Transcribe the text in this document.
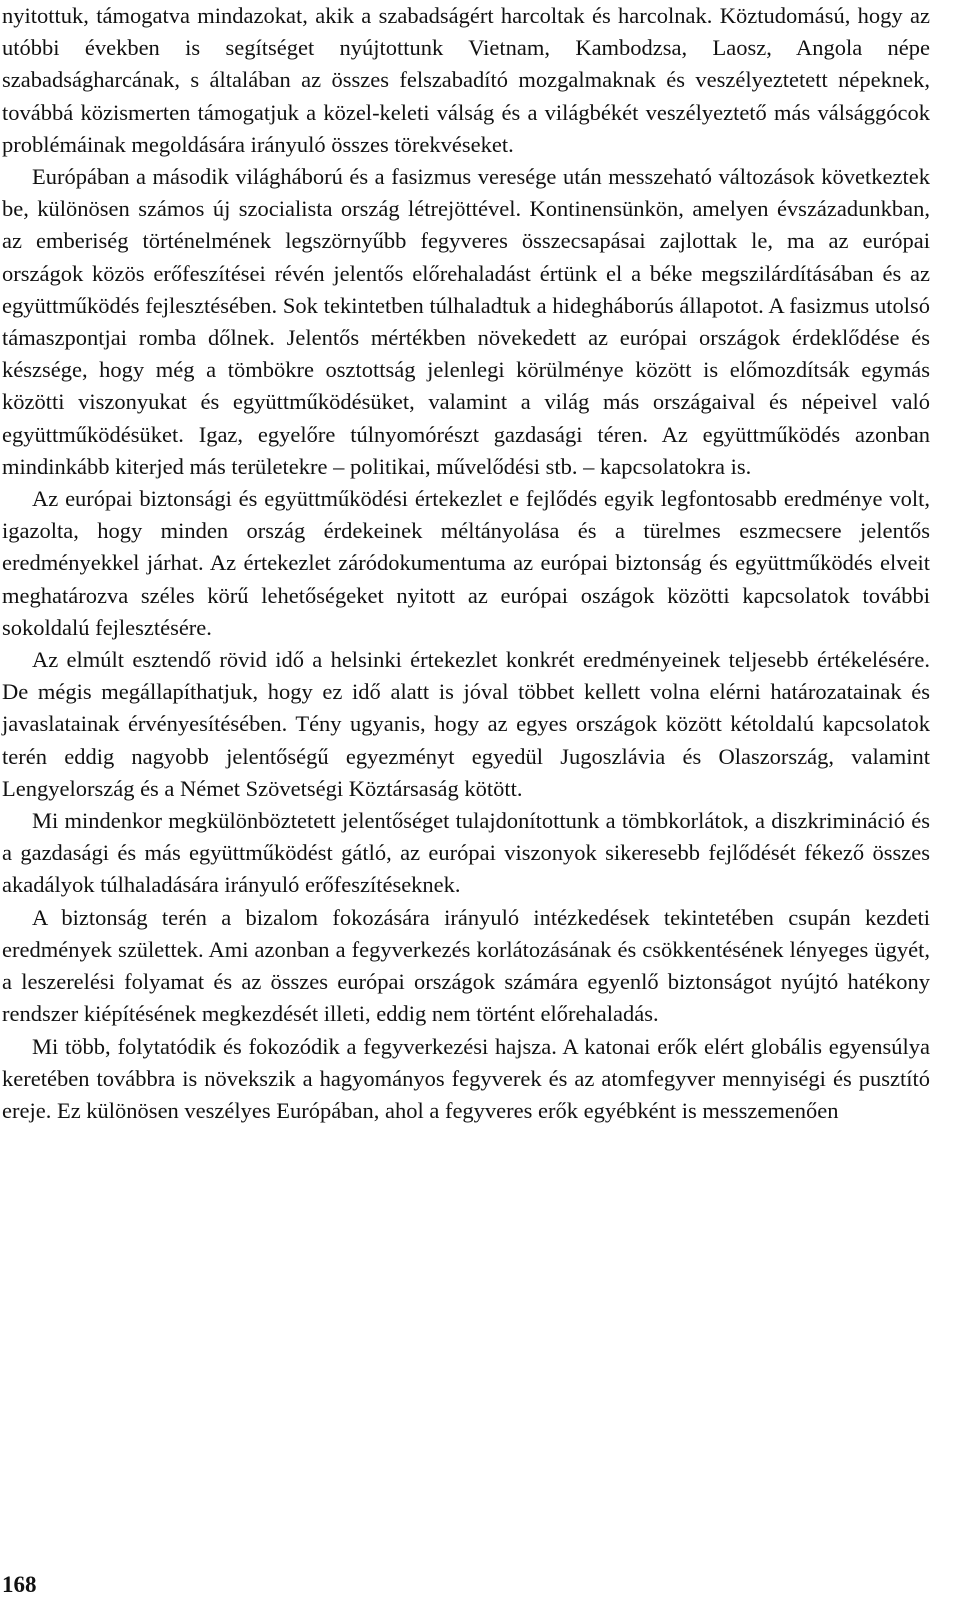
nyitottuk, támogatva mindazokat, akik a szabadságért harcoltak és harcolnak. Köztudomású, hogy az utóbbi években is segítséget nyújtottunk Vietnam, Kambodzsa, Laosz, Angola népe szabadságharcának, s általában az összes felszabadító mozgalmaknak és veszélyeztetett népeknek, továbbá közismerten támogatjuk a közel-keleti válság és a világbékét veszélyeztető más válsággócok problémáinak megoldására irányuló összes törekvéseket.

Európában a második világháború és a fasizmus veresége után messzeható változások következtek be, különösen számos új szocialista ország létrejöttével. Kontinensünkön, amelyen évszázadunkban, az emberiség történelmének legszörnyűbb fegyveres összecsapásai zajlottak le, ma az európai országok közös erőfeszítései révén jelentős előrehaladást értünk el a béke megszilárdításában és az együttműködés fejlesztésében. Sok tekintetben túlhaladtuk a hidegháborús állapotot. A fasizmus utolsó támaszpontjai romba dőlnek. Jelentős mértékben növekedett az európai országok érdeklődése és készsége, hogy még a tömbökre osztottság jelenlegi körülménye között is előmozdítsák egymás közötti viszonyukat és együttműködésüket, valamint a világ más országaival és népeivel való együttműködésüket. Igaz, egyelőre túlnyomórészt gazdasági téren. Az együttműködés azonban mindinkább kiterjed más területekre – politikai, művelődési stb. – kapcsolatokra is.

Az európai biztonsági és együttműködési értekezlet e fejlődés egyik legfontosabb eredménye volt, igazolta, hogy minden ország érdekeinek méltányolása és a türelmes eszmecsere jelentős eredményekkel járhat. Az értekezlet záródokumentuma az európai biztonság és együttműködés elveit meghatározva széles körű lehetőségeket nyitott az európai oszágok közötti kapcsolatok további sokoldalú fejlesztésére.

Az elmúlt esztendő rövid idő a helsinki értekezlet konkrét eredményeinek teljesebb értékelésére. De mégis megállapíthatjuk, hogy ez idő alatt is jóval többet kellett volna elérni határozatainak és javaslatainak érvényesítésében. Tény ugyanis, hogy az egyes országok között kétoldalú kapcsolatok terén eddig nagyobb jelentőségű egyezményt egyedül Jugoszlávia és Olaszország, valamint Lengyelország és a Német Szövetségi Köztársaság kötött.

Mi mindenkor megkülönböztetett jelentőséget tulajdonítottunk a tömbkorlátok, a diszkrimináció és a gazdasági és más együttműködést gátló, az európai viszonyok sikeresebb fejlődését fékező összes akadályok túlhaladására irányuló erőfeszítéseknek.

A biztonság terén a bizalom fokozására irányuló intézkedések tekintetében csupán kezdeti eredmények születtek. Ami azonban a fegyverkezés korlátozásának és csökkentésének lényeges ügyét, a leszerelési folyamat és az összes európai országok számára egyenlő biztonságot nyújtó hatékony rendszer kiépítésének megkezdését illeti, eddig nem történt előrehaladás.

Mi több, folytatódik és fokozódik a fegyverkezési hajsza. A katonai erők elért globális egyensúlya keretében továbbra is növekszik a hagyományos fegyverek és az atomfegyver mennyiségi és pusztító ereje. Ez különösen veszélyes Európában, ahol a fegyveres erők egyébként is messzemenően

168
